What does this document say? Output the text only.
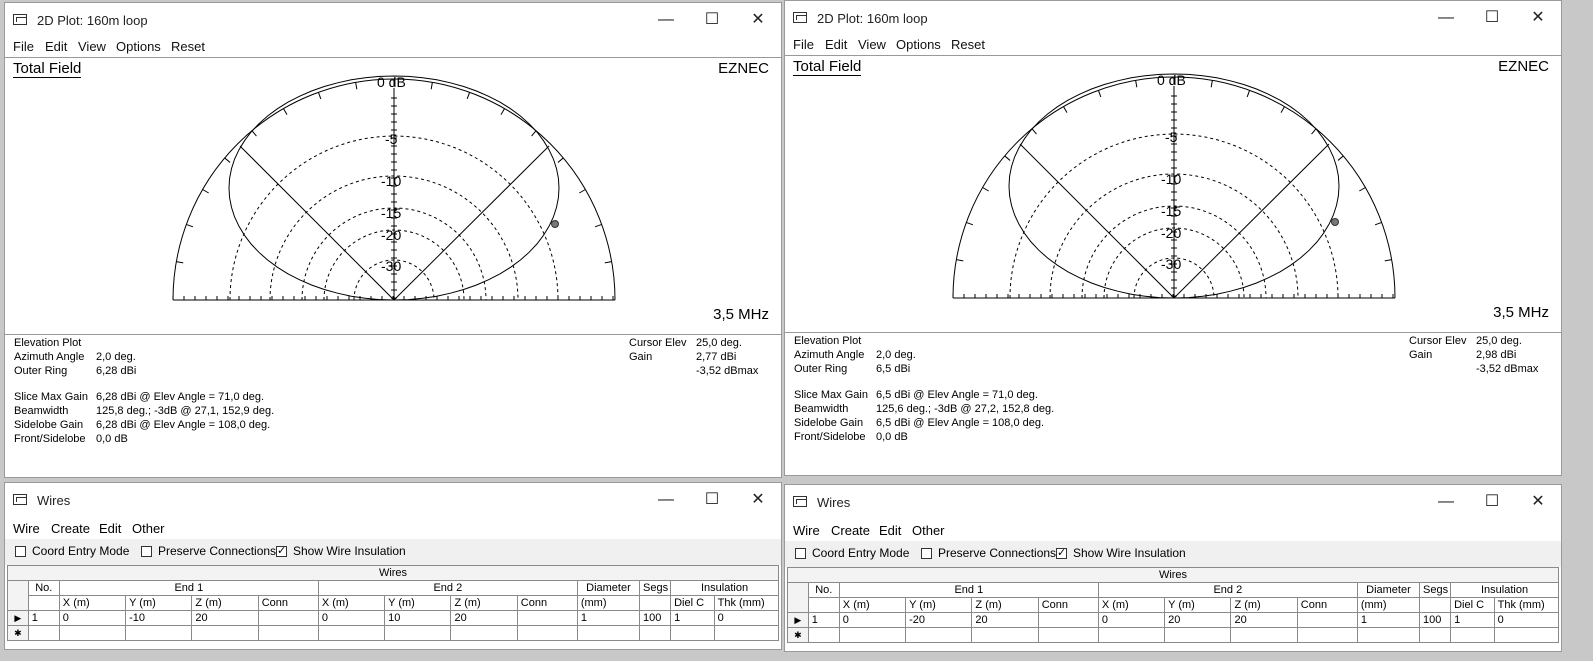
2D Plot: 160m loop	—	☐	✕
File Edit View Options Reset
0 dB
-5
-10
-15
-20
-30
Total Field	EZNEC
3,5 MHz
Elevation Plot
Azimuth Angle 2,0 deg.
Outer Ring	6,28 dBi
Slice Max Gain 6,28 dBi @ Elev Angle = 71,0 deg.
Beamwidth	125,8 deg.; -3dB @ 27,1, 152,9 deg.
Sidelobe Gain 6,28 dBi @ Elev Angle = 108,0 deg.
Front/Sidelobe 0,0 dB
Cursor Elev 25,0 deg.
Gain	2,77 dBi
-3,52 dBmax
2D Plot: 160m loop	—	☐	✕
File Edit View Options Reset
0 dB
-5
-10
-15
-20
-30
Total Field	EZNEC
3,5 MHz
Elevation Plot
Azimuth Angle 2,0 deg.
Outer Ring	6,5 dBi
Slice Max Gain 6,5 dBi @ Elev Angle = 71,0 deg.
Beamwidth	125,6 deg.; -3dB @ 27,2, 152,8 deg.
Sidelobe Gain 6,5 dBi @ Elev Angle = 108,0 deg.
Front/Sidelobe 0,0 dB
Cursor Elev 25,0 deg.
Gain	2,98 dBi
-3,52 dBmax
Wires	—	☐	✕
Wire Create Edit Other
Coord Entry Mode Preserve Connections ✓ Show Wire Insulation
Wires													
	No.	End 1				End 2				Diameter	Segs	Insulation	
		X (m)	Y (m)	Z (m)	Conn	X (m)	Y (m)	Z (m)	Conn	(mm)		Diel C	Thk (mm)
▶	1	0	-10	20		0	10	20		1	100	1	0
✱													
Wires	—	☐	✕
Wire Create Edit Other
Coord Entry Mode Preserve Connections ✓ Show Wire Insulation
Wires													
	No.	End 1				End 2				Diameter	Segs	Insulation	
		X (m)	Y (m)	Z (m)	Conn	X (m)	Y (m)	Z (m)	Conn	(mm)		Diel C	Thk (mm)
▶	1	0	-20	20		0	20	20		1	100	1	0
✱													
